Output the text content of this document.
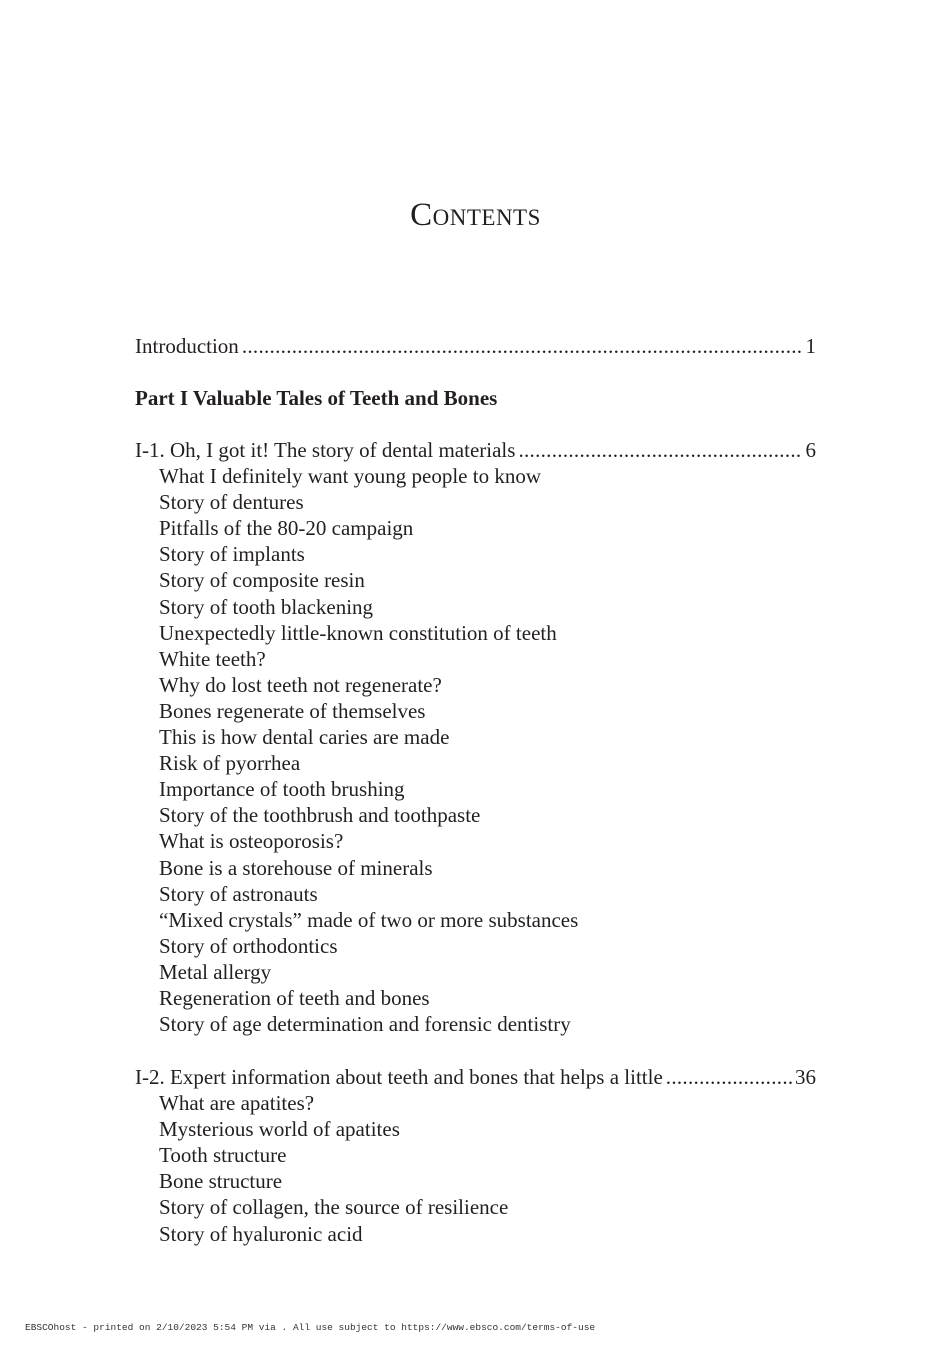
Contents
Introduction .....	1
Part I Valuable Tales of Teeth and Bones
I-1. Oh, I got it! The story of dental materials .....	6
What I definitely want young people to know
Story of dentures
Pitfalls of the 80-20 campaign
Story of implants
Story of composite resin
Story of tooth blackening
Unexpectedly little-known constitution of teeth
White teeth?
Why do lost teeth not regenerate?
Bones regenerate of themselves
This is how dental caries are made
Risk of pyorrhea
Importance of tooth brushing
Story of the toothbrush and toothpaste
What is osteoporosis?
Bone is a storehouse of minerals
Story of astronauts
“Mixed crystals” made of two or more substances
Story of orthodontics
Metal allergy
Regeneration of teeth and bones
Story of age determination and forensic dentistry
I-2. Expert information about teeth and bones that helps a little .....	36
What are apatites?
Mysterious world of apatites
Tooth structure
Bone structure
Story of collagen, the source of resilience
Story of hyaluronic acid
EBSCOhost - printed on 2/10/2023 5:54 PM via . All use subject to https://www.ebsco.com/terms-of-use
